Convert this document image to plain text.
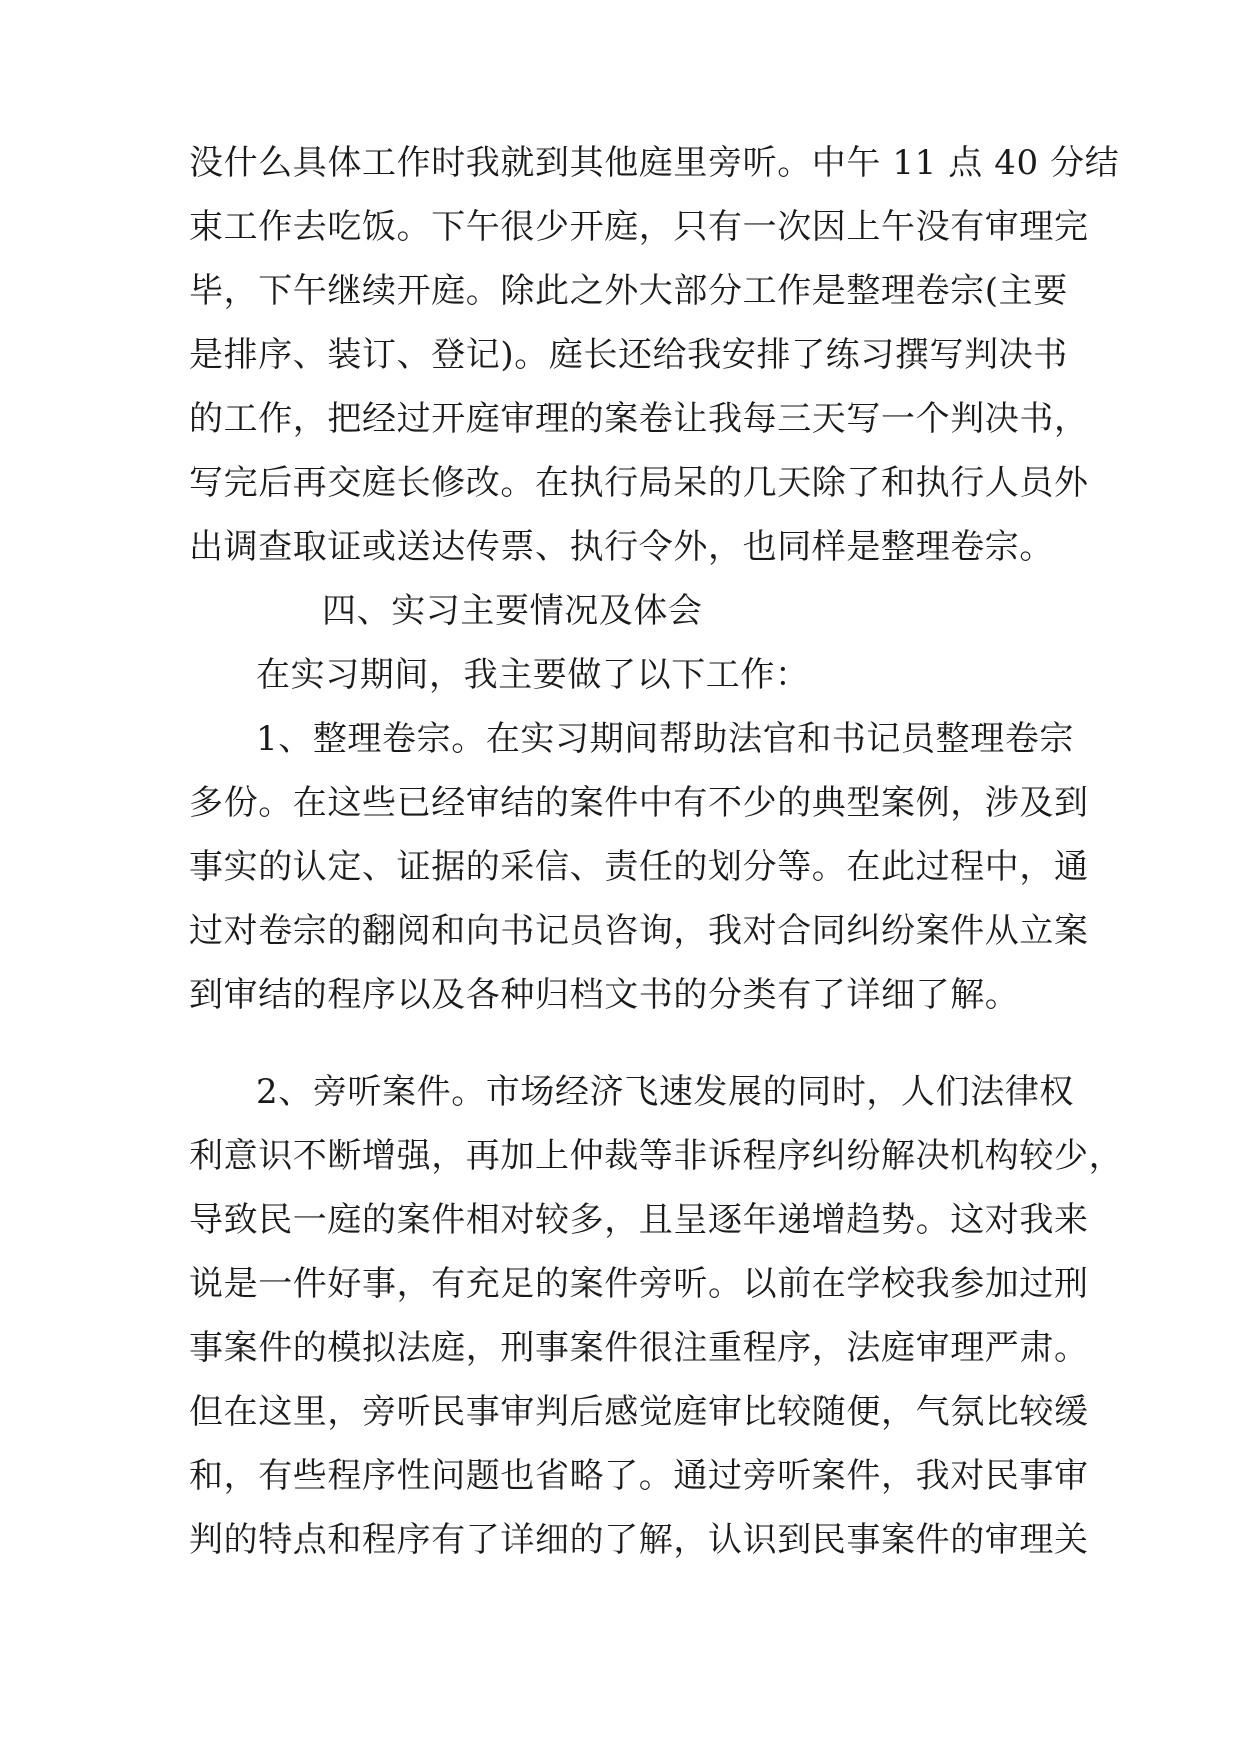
没什么具体工作时我就到其他庭里旁听。中午 11 点 40 分结
束工作去吃饭。下午很少开庭，只有一次因上午没有审理完
毕，下午继续开庭。除此之外大部分工作是整理卷宗(主要
是排序、装订、登记)。庭长还给我安排了练习撰写判决书
的工作，把经过开庭审理的案卷让我每三天写一个判决书，
写完后再交庭长修改。在执行局呆的几天除了和执行人员外
出调查取证或送达传票、执行令外，也同样是整理卷宗。
四、实习主要情况及体会
在实习期间，我主要做了以下工作：
1、整理卷宗。在实习期间帮助法官和书记员整理卷宗
多份。在这些已经审结的案件中有不少的典型案例，涉及到
事实的认定、证据的采信、责任的划分等。在此过程中，通
过对卷宗的翻阅和向书记员咨询，我对合同纠纷案件从立案
到审结的程序以及各种归档文书的分类有了详细了解。
2、旁听案件。市场经济飞速发展的同时，人们法律权
利意识不断增强，再加上仲裁等非诉程序纠纷解决机构较少，
导致民一庭的案件相对较多，且呈逐年递增趋势。这对我来
说是一件好事，有充足的案件旁听。以前在学校我参加过刑
事案件的模拟法庭，刑事案件很注重程序，法庭审理严肃。
但在这里，旁听民事审判后感觉庭审比较随便，气氛比较缓
和，有些程序性问题也省略了。通过旁听案件，我对民事审
判的特点和程序有了详细的了解，认识到民事案件的审理关
